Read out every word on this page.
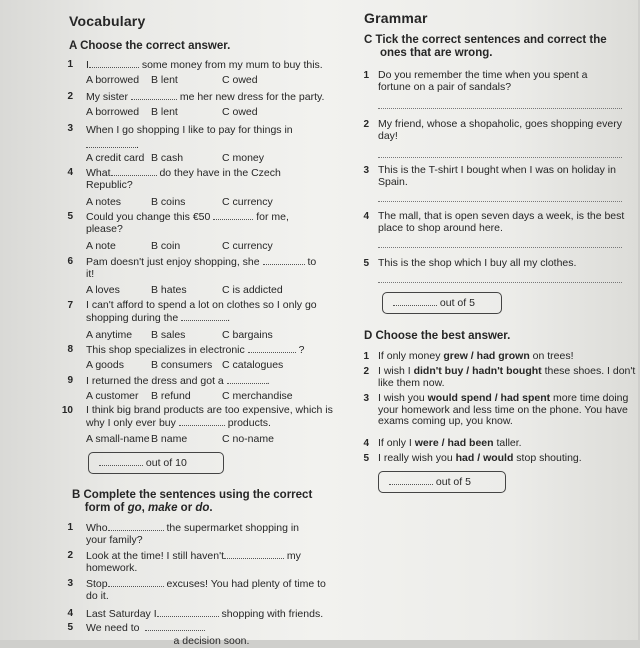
Vocabulary
A Choose the correct answer.
1 I	some money from my mum to buy this.
A borrowed B lent	C owed
2 My sister	me her new dress for the party.
A borrowed B lent	C owed
3 When I go shopping I like to pay for things in
.
A credit card B cash	C money
4 What	do they have in the Czech Republic?
A notes	B coins	C currency
5 Could you change this €50	for me, please?
A note	B coin	C currency
6 Pam doesn't just enjoy shopping, she	to it!
A loves	B hates	C is addicted
7 I can't afford to spend a lot on clothes so I only go shopping during the	.
A anytime B sales	C bargains
8 This shop specializes in electronic	?
A goods	B consumers C catalogues
9 I returned the dress and got a	.
A customer B refund	C merchandise
10 I think big brand products are too expensive, which is why I only ever buy	products.
A small-name B name	C no-name
out of 10
B Complete the sentences using the correct
form of go, make or do.
1 Who	the supermarket shopping in your family?
2 Look at the time! I still haven't	my homework.
3 Stop	excuses! You had plenty of time to do it.
4 Last Saturday I	shopping with friends.
5 We need to
a decision soon.
Grammar
C Tick the correct sentences and correct the
ones that are wrong.
1 Do you remember the time when you spent a fortune on a pair of sandals?
2 My friend, whose a shopaholic, goes shopping every day!
3 This is the T-shirt I bought when I was on holiday in Spain.
4 The mall, that is open seven days a week, is the best place to shop around here.
5 This is the shop which I buy all my clothes.
out of 5
D Choose the best answer.
1 If only money grew / had grown on trees!
2 I wish I didn't buy / hadn't bought these shoes. I don't like them now.
3 I wish you would spend / had spent more time doing your homework and less time on the phone. You have exams coming up, you know.
4 If only I were / had been taller.
5 I really wish you had / would stop shouting.
out of 5
